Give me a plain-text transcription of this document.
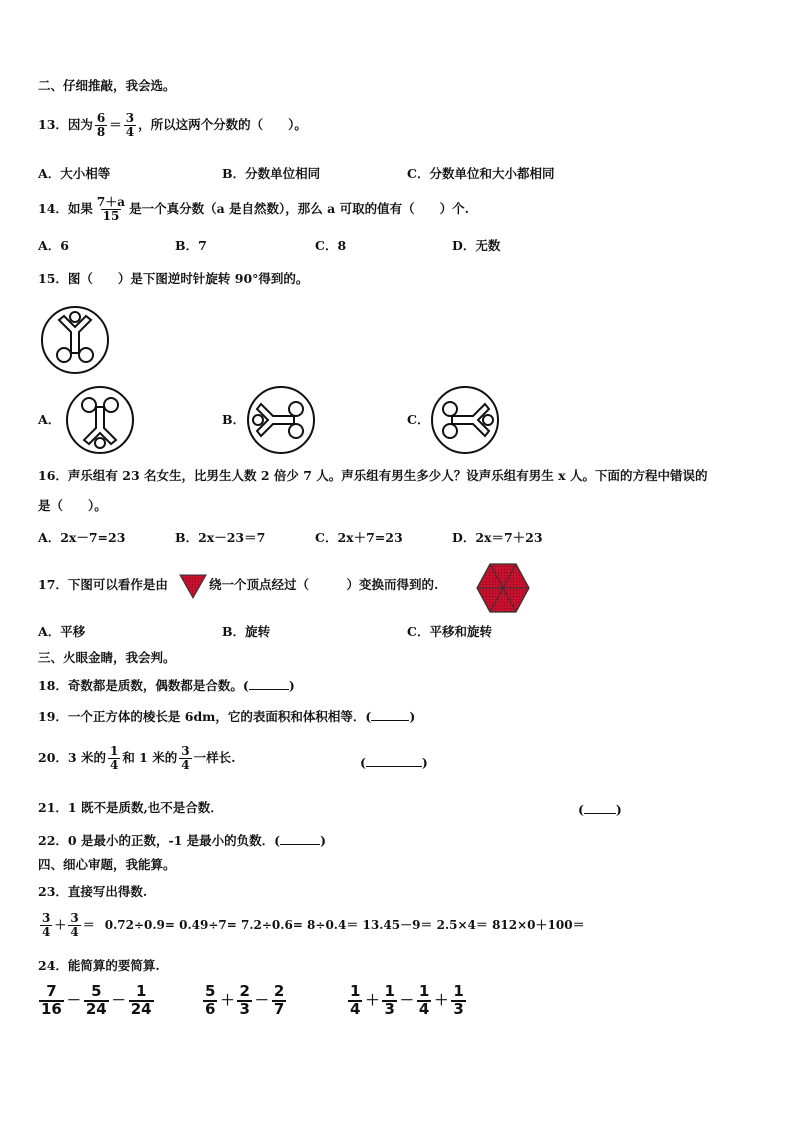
二、仔细推敲，我会选。
13． 因为 6
8 ＝ 3
4 ，所以这两个分数的（　　）。
A．大小相等	B．分数单位相同	C．分数单位和大小都相同
14． 如果 7＋a
15 是一个真分数（a 是自然数），那么 a 可取的值有（　　）个.
A．6	B．7	C．8	D．无数
15．图（　　）是下图逆时针旋转 90°得到的。
A．	B．	C．
16．声乐组有 23 名女生，比男生人数 2 倍少 7 人。声乐组有男生多少人？设声乐组有男生 x 人。下面的方程中错误的
是（　　）。
A．2x－7=23	B．2x－23＝7	C．2x＋7=23	D．2x＝7＋23
17．下图可以看作是由	绕一个顶点经过（　　　）变换而得到的.
A．平移	B．旋转	C．平移和旋转
三、火眼金睛，我会判。
18．奇数都是质数，偶数都是合数。(	)
19．一个正方体的棱长是 6dm，它的表面积和体积相等．(	)
20． 3 米的 1
4 和 1 米的 3
4 一样长.	(	)
21．1 既不是质数,也不是合数．	(	)
22．0 是最小的正数，-1 是最小的负数．(	)
四、细心审题，我能算。
23．直接写出得数.
3
4 ＋
3
4 ＝ 0.72÷0.9= 0.49÷7= 7.2÷0.6= 8÷0.4＝ 13.45－9＝ 2.5×4＝ 812×0＋100＝
24．能简算的要简算.
7
16 －
5
24 －
1
24
5
6 ＋
2
3 －
2
7
1
4 ＋
1
3 －
1
4 ＋
1
3
